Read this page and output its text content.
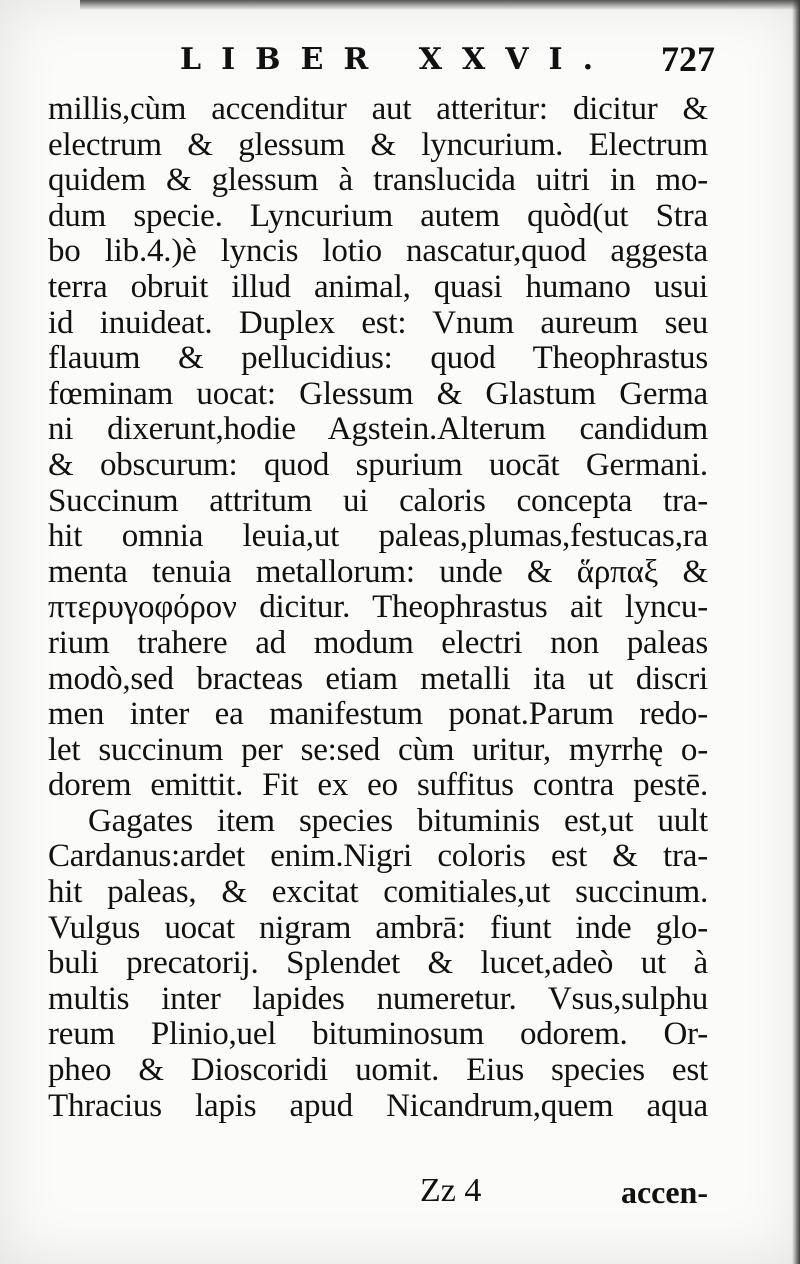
LIBER XXVI. 727
millis,cùm accenditur aut atteritur: dicitur &
electrum & glessum & lyncurium. Electrum
quidem & glessum à translucida uitri in mo-
dum specie. Lyncurium autem quòd(ut Stra
bo lib.4.)è lyncis lotio nascatur,quod aggesta
terra obruit illud animal, quasi humano usui
id inuideat. Duplex est: Vnum aureum seu
flauum & pellucidius: quod Theophrastus
fœminam uocat: Glessum & Glastum Germa
ni dixerunt,hodie Agstein.Alterum candidum
& obscurum: quod spurium uocāt Germani.
Succinum attritum ui caloris concepta tra-
hit omnia leuia,ut paleas,plumas,festucas,ra
menta tenuia metallorum: unde & ἅρπαξ &
πτερυγοφόρον dicitur. Theophrastus ait lyncu-
rium trahere ad modum electri non paleas
modò,sed bracteas etiam metalli ita ut discri
men inter ea manifestum ponat.Parum redo-
let succinum per se:sed cùm uritur, myrrhę o-
dorem emittit. Fit ex eo suffitus contra pestē.
Gagates item species bituminis est,ut uult
Cardanus:ardet enim.Nigri coloris est & tra-
hit paleas, & excitat comitiales,ut succinum.
Vulgus uocat nigram ambrā: fiunt inde glo-
buli precatorij. Splendet & lucet,adeò ut à
multis inter lapides numeretur. Vsus,sulphu
reum Plinio,uel bituminosum odorem. Or-
pheo & Dioscoridi uomit. Eius species est
Thracius lapis apud Nicandrum,quem aqua
Zz 4	accen-
